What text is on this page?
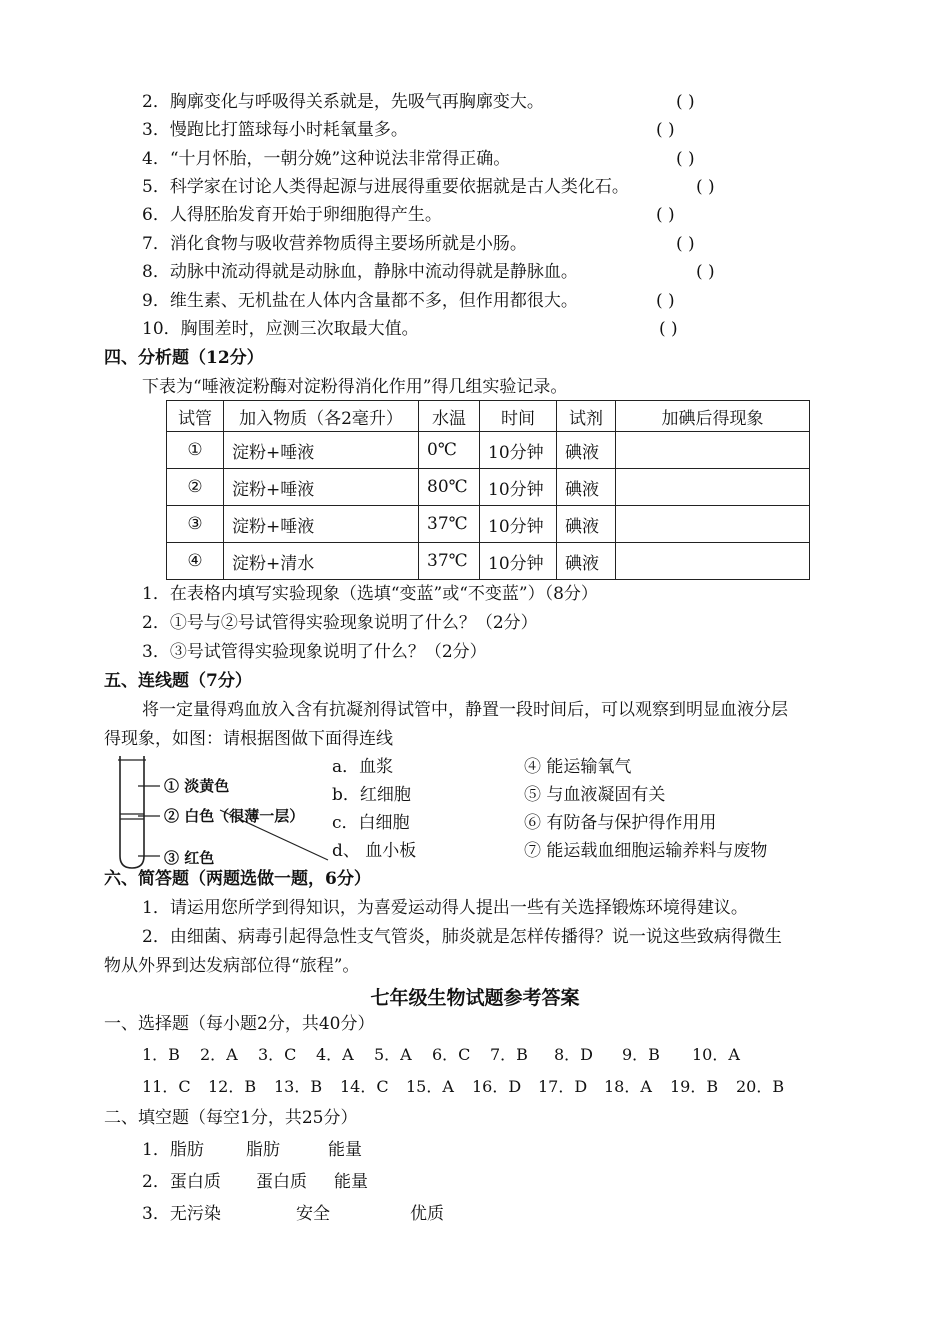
2．胸廓变化与呼吸得关系就是，先吸气再胸廓变大。	( )
3．慢跑比打篮球每小时耗氧量多。	( )
4．“十月怀胎，一朝分娩”这种说法非常得正确。	( )
5．科学家在讨论人类得起源与进展得重要依据就是古人类化石。	( )
6．人得胚胎发育开始于卵细胞得产生。	( )
7．消化食物与吸收营养物质得主要场所就是小肠。	( )
8．动脉中流动得就是动脉血，静脉中流动得就是静脉血。	( )
9．维生素、无机盐在人体内含量都不多，但作用都很大。	( )
10．胸围差时，应测三次取最大值。	( )
四、分析题（12分）
下表为“唾液淀粉酶对淀粉得消化作用”得几组实验记录。
试管	加入物质（各2毫升）	水温	时间	试剂	加碘后得现象
①	淀粉+唾液	0℃	10分钟	碘液	
②	淀粉+唾液	80℃	10分钟	碘液	
③	淀粉+唾液	37℃	10分钟	碘液	
④	淀粉+清水	37℃	10分钟	碘液	
1．在表格内填写实验现象（选填“变蓝”或“不变蓝”）（8分）
2．①号与②号试管得实验现象说明了什么？（2分）
3．③号试管得实验现象说明了什么？（2分）
五、连线题（7分）
将一定量得鸡血放入含有抗凝剂得试管中，静置一段时间后，可以观察到明显血液分层
得现象，如图：请根据图做下面得连线
① 淡黄色
② 白色（很薄一层）
③ 红色
a．血浆
b．红细胞
c．白细胞
d、 血小板
④ 能运输氧气
⑤ 与血液凝固有关
⑥ 有防备与保护得作用用
⑦ 能运载血细胞运输养料与废物
六、简答题（两题选做一题，6分）
1．请运用您所学到得知识，为喜爱运动得人提出一些有关选择锻炼环境得建议。
2．由细菌、病毒引起得急性支气管炎，肺炎就是怎样传播得？说一说这些致病得微生
物从外界到达发病部位得“旅程”。
七年级生物试题参考答案
一、选择题（每小题2分，共40分）
1．B 2．A 3．C 4．A 5．A 6．C 7．B 8．D 9．B 10．A
11．C 12．B 13．B 14．C 15．A 16．D 17．D 18．A 19．B 20．B
二、填空题（每空1分，共25分）
1．脂肪 脂肪	能量
2．蛋白质 蛋白质 能量
3．无污染	安全	优质
